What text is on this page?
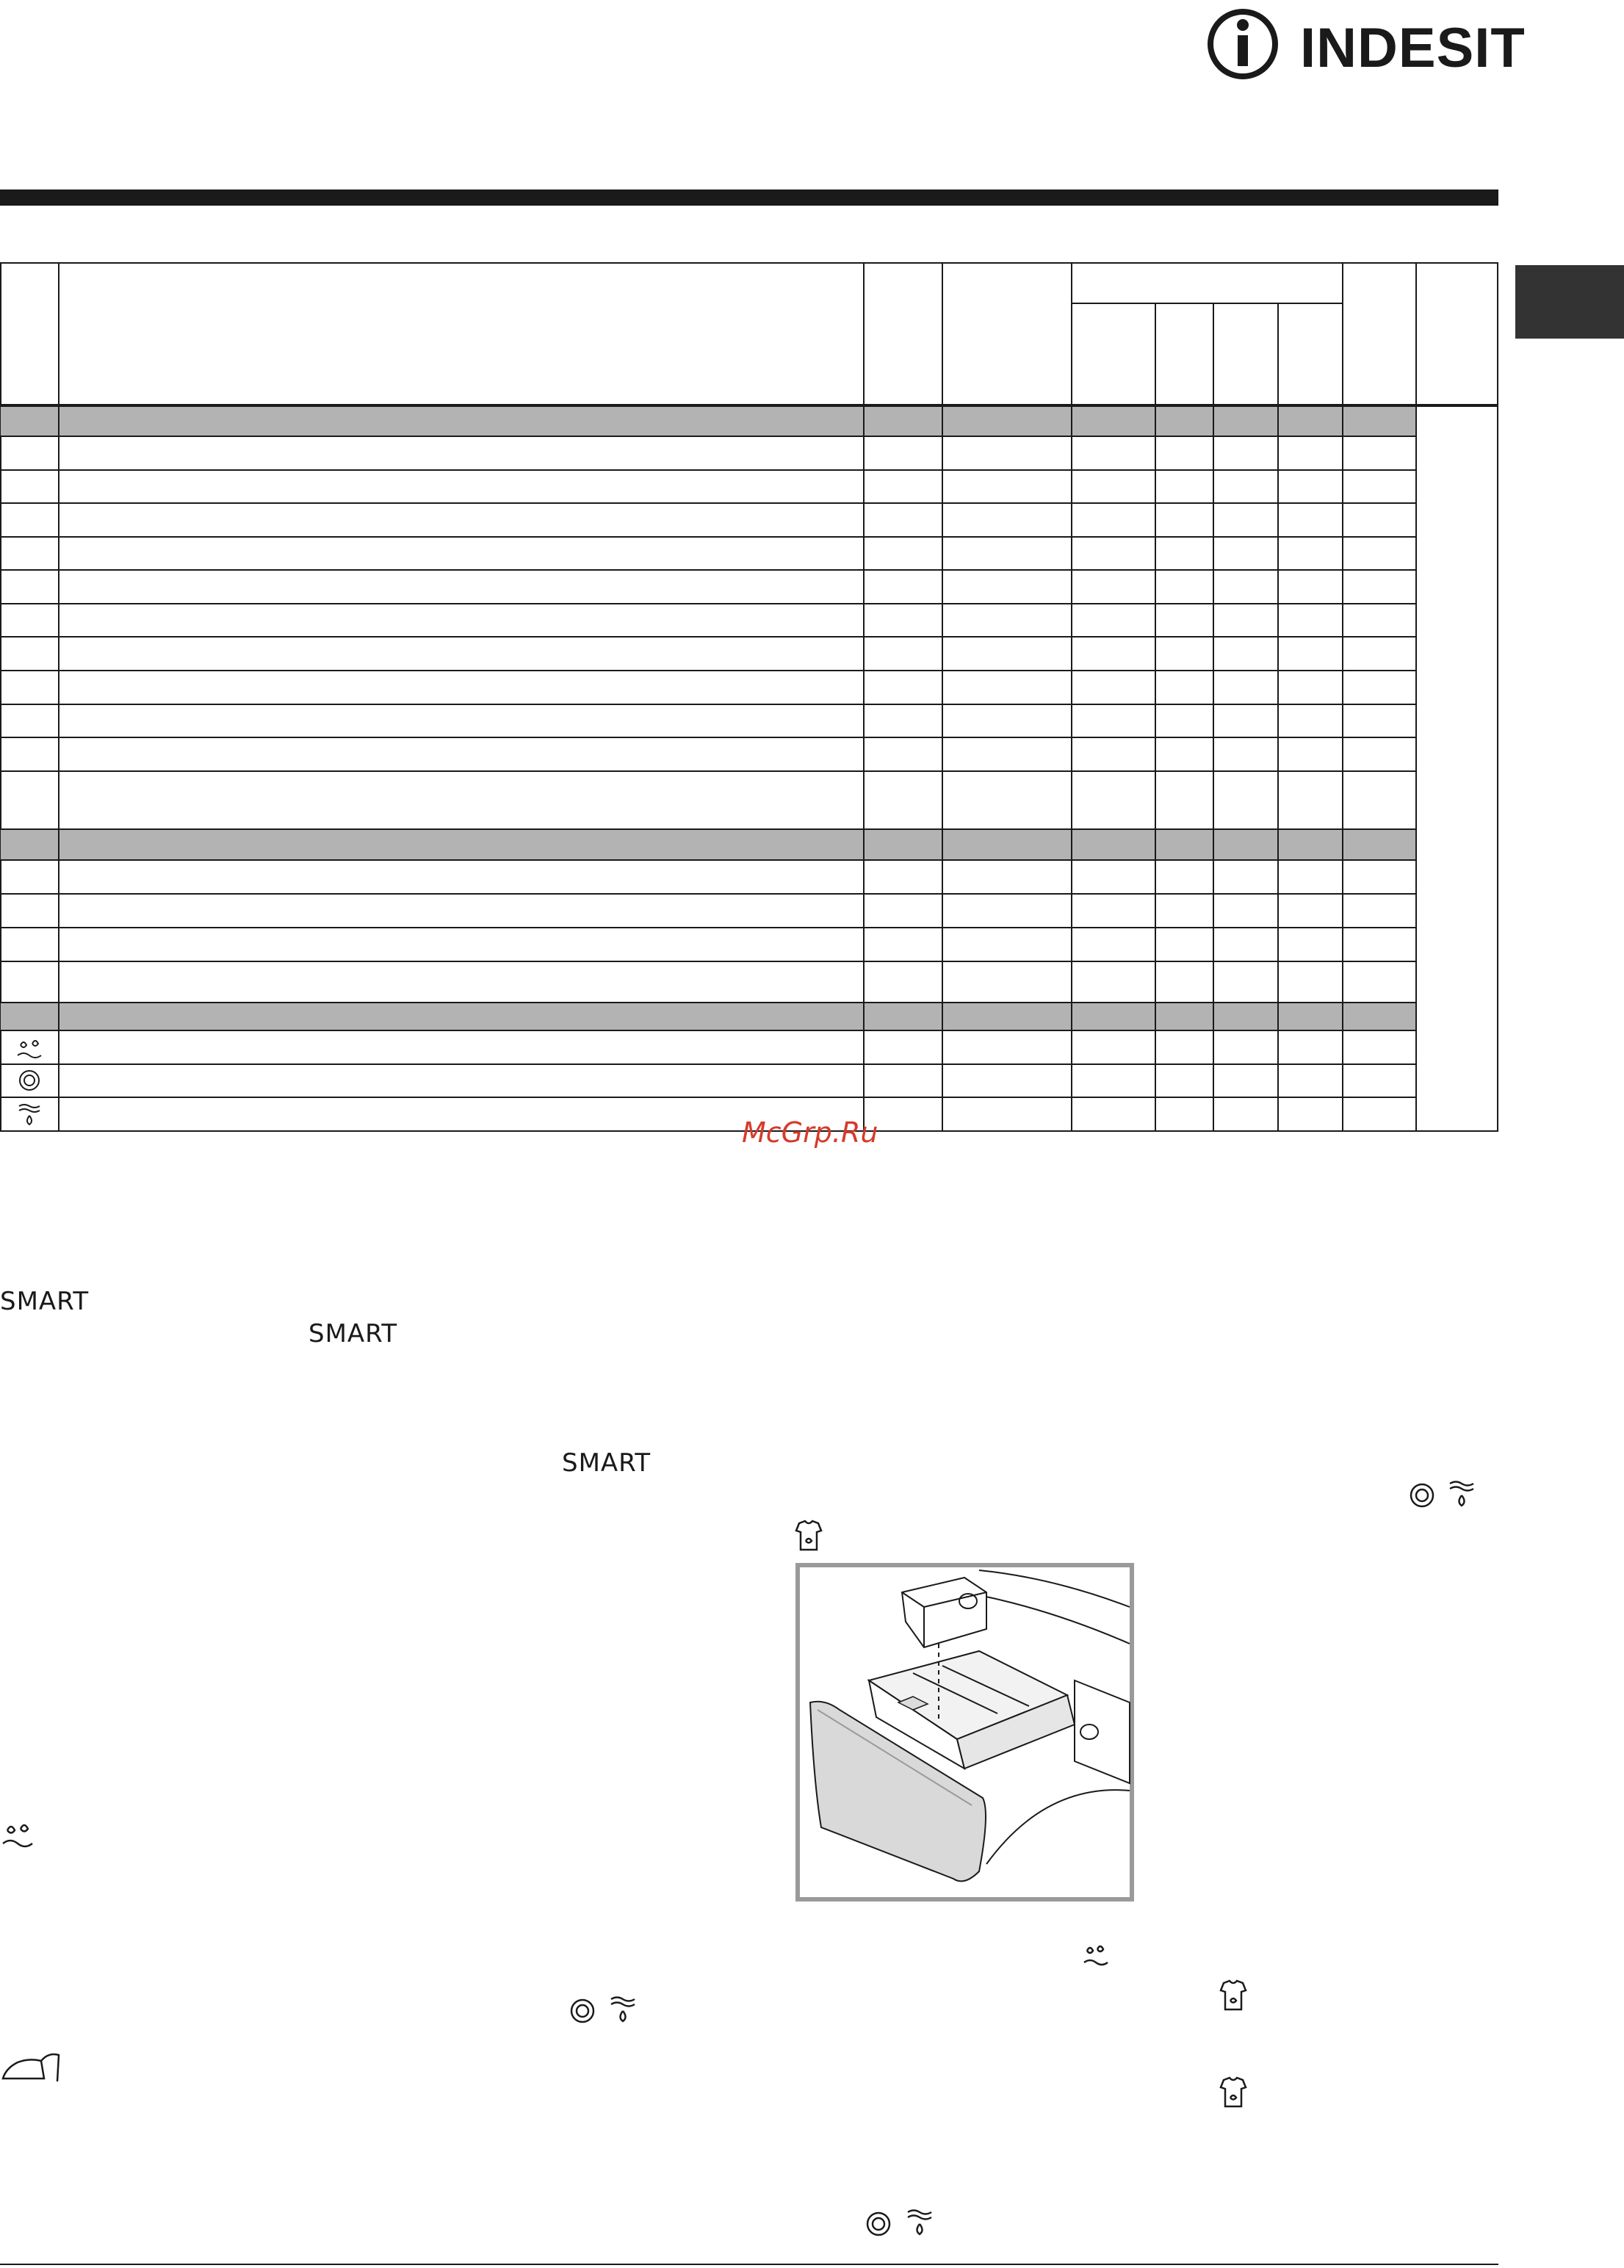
INDESIT
McGrp.Ru
SMART
SMART
SMART
